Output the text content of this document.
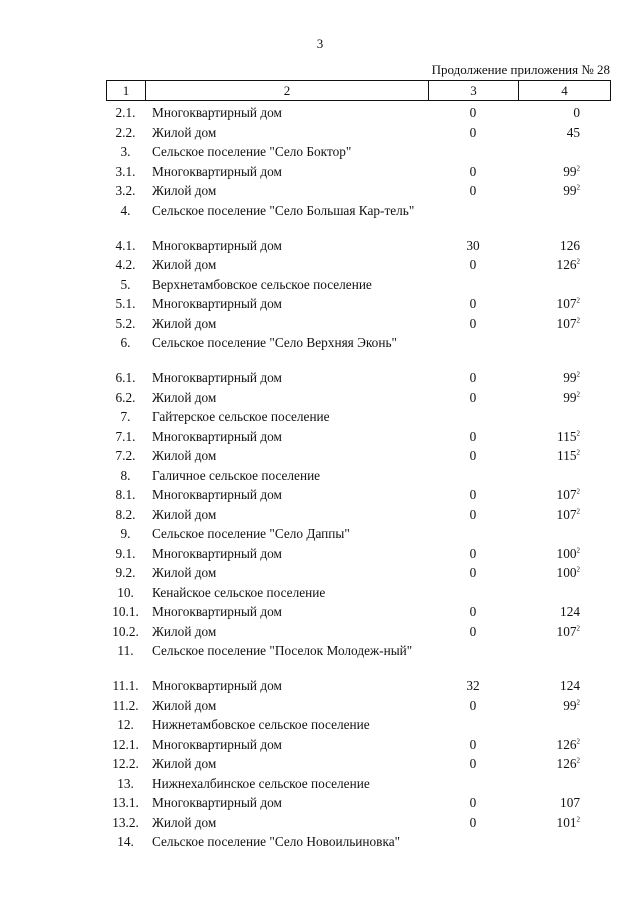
3
Продолжение приложения № 28
1	2	3	4
2.1.	Многоквартирный дом	0	0
2.2.	Жилой дом	0	45
3.	Сельское поселение "Село Боктор"		

3.1.	Многоквартирный дом	0	$99^2$
3.2.	Жилой дом	0	$99^2$
4.	Сельское поселение "Село Большая Кар-тель"		

4.1.	Многоквартирный дом	30	126
4.2.	Жилой дом	0	$126^2$
5.	Верхнетамбовское сельское поселение		

5.1.	Многоквартирный дом	0	$107^2$
5.2.	Жилой дом	0	$107^2$
6.	Сельское поселение "Село Верхняя Эконь"		

6.1.	Многоквартирный дом	0	$99^2$
6.2.	Жилой дом	0	$99^2$
7.	Гайтерское сельское поселение		

7.1.	Многоквартирный дом	0	$115^2$
7.2.	Жилой дом	0	$115^2$
8.	Галичное сельское поселение		

8.1.	Многоквартирный дом	0	$107^2$
8.2.	Жилой дом	0	$107^2$
9.	Сельское поселение "Село Даппы"		

9.1.	Многоквартирный дом	0	$100^2$
9.2.	Жилой дом	0	$100^2$
10.	Кенайское сельское поселение		

10.1.	Многоквартирный дом	0	124
10.2.	Жилой дом	0	$107^2$
11.	Сельское поселение "Поселок Молодеж-ный"		

11.1.	Многоквартирный дом	32	124
11.2.	Жилой дом	0	$99^2$
12.	Нижнетамбовское сельское поселение		

12.1.	Многоквартирный дом	0	$126^2$
12.2.	Жилой дом	0	$126^2$
13.	Нижнехалбинское сельское поселение		

13.1.	Многоквартирный дом	0	107
13.2.	Жилой дом	0	$101^2$
14.	Сельское поселение "Село Новоильиновка"		
